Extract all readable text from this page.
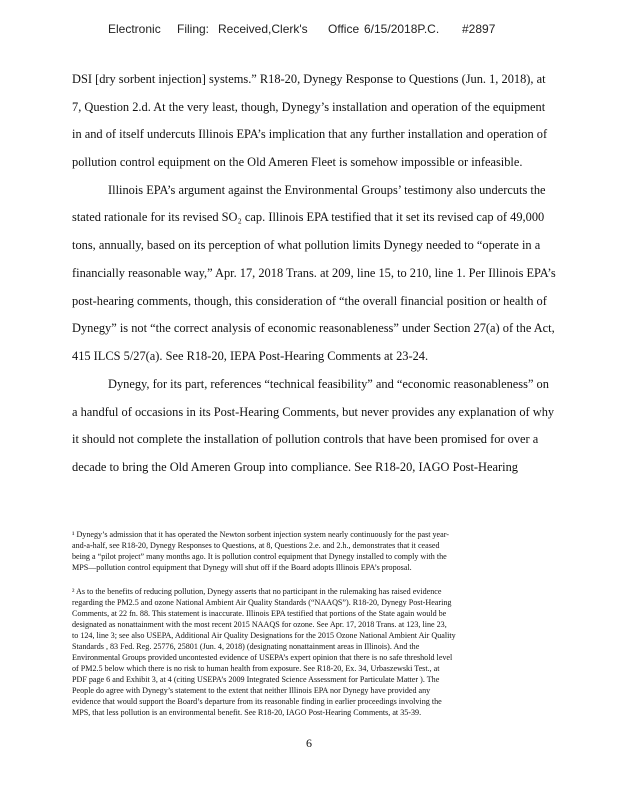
Electronic Filing: Received,Clerk's Office 6/15/2018P.C. #2897
DSI [dry sorbent injection] systems.” R18-20, Dynegy Response to Questions (Jun. 1, 2018), at
7, Question 2.d. At the very least, though, Dynegy’s installation and operation of the equipment
in and of itself undercuts Illinois EPA’s implication that any further installation and operation of
pollution control equipment on the Old Ameren Fleet is somehow impossible or infeasible.
Illinois EPA’s argument against the Environmental Groups’ testimony also undercuts the
stated rationale for its revised SO₂ cap. Illinois EPA testified that it set its revised cap of 49,000
tons, annually, based on its perception of what pollution limits Dynegy needed to “operate in a
financially reasonable way,” Apr. 17, 2018 Trans. at 209, line 15, to 210, line 1. Per Illinois EPA’s
post-hearing comments, though, this consideration of “the overall financial position or health of
Dynegy” is not “the correct analysis of economic reasonableness” under Section 27(a) of the Act,
415 ILCS 5/27(a). See R18-20, IEPA Post-Hearing Comments at 23-24.
Dynegy, for its part, references “technical feasibility” and “economic reasonableness” on
a handful of occasions in its Post-Hearing Comments, but never provides any explanation of why
it should not complete the installation of pollution controls that have been promised for over a
decade to bring the Old Ameren Group into compliance. See R18-20, IAGO Post-Hearing
¹ Dynegy’s admission that it has operated the Newton sorbent injection system nearly continuously for the past year-
and-a-half, see R18-20, Dynegy Responses to Questions, at 8, Questions 2.e. and 2.h., demonstrates that it ceased
being a “pilot project” many months ago. It is pollution control equipment that Dynegy installed to comply with the
MPS—pollution control equipment that Dynegy will shut off if the Board adopts Illinois EPA’s proposal.
² As to the benefits of reducing pollution, Dynegy asserts that no participant in the rulemaking has raised evidence
regarding the PM2.5 and ozone National Ambient Air Quality Standards (“NAAQS”). R18-20, Dynegy Post-Hearing
Comments, at 22 fn. 88. This statement is inaccurate. Illinois EPA testified that portions of the State again would be
designated as nonattainment with the most recent 2015 NAAQS for ozone. See Apr. 17, 2018 Trans. at 123, line 23,
to 124, line 3; see also USEPA, Additional Air Quality Designations for the 2015 Ozone National Ambient Air Quality
Standards , 83 Fed. Reg. 25776, 25801 (Jun. 4, 2018) (designating nonattainment areas in Illinois). And the
Environmental Groups provided uncontested evidence of USEPA’s expert opinion that there is no safe threshold level
of PM2.5 below which there is no risk to human health from exposure. See R18-20, Ex. 34, Urbaszewski Test., at
PDF page 6 and Exhibit 3, at 4 (citing USEPA’s 2009 Integrated Science Assessment for Particulate Matter ). The
People do agree with Dynegy’s statement to the extent that neither Illinois EPA nor Dynegy have provided any
evidence that would support the Board’s departure from its reasonable finding in earlier proceedings involving the
MPS, that less pollution is an environmental benefit. See R18-20, IAGO Post-Hearing Comments, at 35-39.
6
